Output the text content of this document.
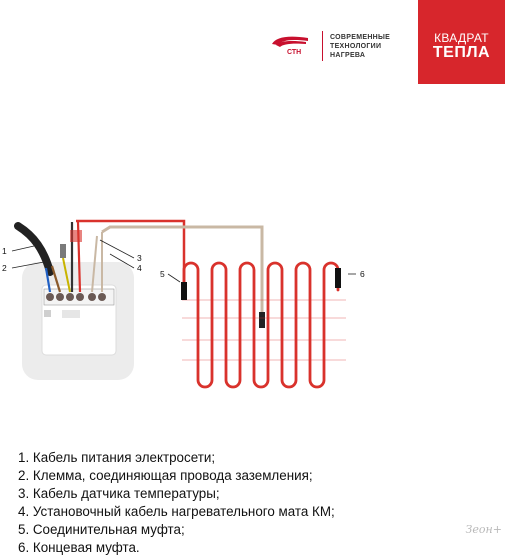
СТН
СОВРЕМЕННЫЕ
ТЕХНОЛОГИИ
НАГРЕВА
КВАДРАТ
ТЕПЛА
1
2
3
4
5	6
1. Кабель питания электросети;
2. Клемма, соединяющая провода заземления;
3. Кабель датчика температуры;
4. Установочный кабель нагревательного мата КМ;
5. Соединительная муфта;
6. Концевая муфта.
Зеон+
